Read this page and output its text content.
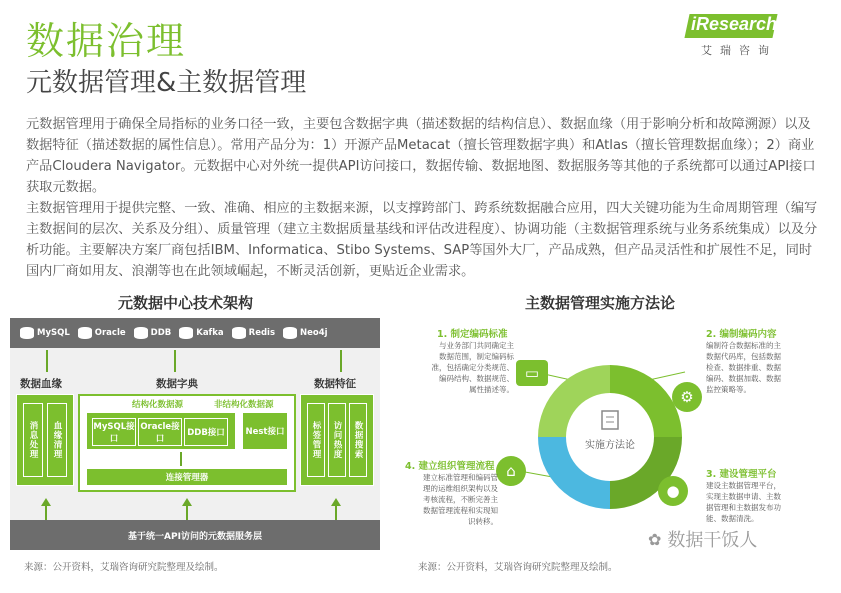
数据治理
元数据管理&主数据管理
iResearch
艾瑞咨询
元数据管理用于确保全局指标的业务口径一致，主要包含数据字典（描述数据的结构信息）、数据血缘（用于影响分析和故障溯源）以及数据特征（描述数据的属性信息）。常用产品分为：1）开源产品Metacat（擅长管理数据字典）和Atlas（擅长管理数据血缘）；2）商业产品Cloudera Navigator。元数据中心对外统一提供API访问接口，数据传输、数据地图、数据服务等其他的子系统都可以通过API接口获取元数据。
主数据管理用于提供完整、一致、准确、相应的主数据来源，以支撑跨部门、跨系统数据融合应用，四大关键功能为生命周期管理（编写主数据间的层次、关系及分组）、质量管理（建立主数据质量基线和评估改进程度）、协调功能（主数据管理系统与业务系统集成）以及分析功能。主要解决方案厂商包括IBM、Informatica、Stibo Systems、SAP等国外大厂，产品成熟，但产品灵活性和扩展性不足，同时国内厂商如用友、浪潮等也在此领域崛起，不断灵活创新，更贴近企业需求。
元数据中心技术架构	主数据管理实施方法论
MySQL	Oracle	DDB	Kafka	Redis	Neo4j
数据血缘	数据字典	数据特征
消息处理	血缘清理
结构化数据源	非结构化数据源
MySQL接口
Oracle接口
DDB接口	Nest接口
连接管理器
标签管理	访问热度	数据搜索
基于统一API访问的元数据服务层
来源：公开资料，艾瑞咨询研究院整理及绘制。
实施方法论
▭
⚙
●
⌂
1. 制定编码标准
与业务部门共同确定主
数据范围，制定编码标
准，包括确定分类规范、
编码结构、数据规范、
属性描述等。
2. 编制编码内容
编制符合数据标准的主
数据代码库，包括数据
检查、数据排重、数据
编码、数据加载、数据
监控策略等。
3. 建设管理平台
建设主数据管理平台，
实现主数据申请、主数
据管理和主数据发布功
能、数据清洗。
4. 建立组织管理流程
建立标准管理和编码管
理的运维组织架构以及
考核流程，不断完善主
数据管理流程和实现知
识转移。
来源：公开资料，艾瑞咨询研究院整理及绘制。
✿ 数据干饭人
